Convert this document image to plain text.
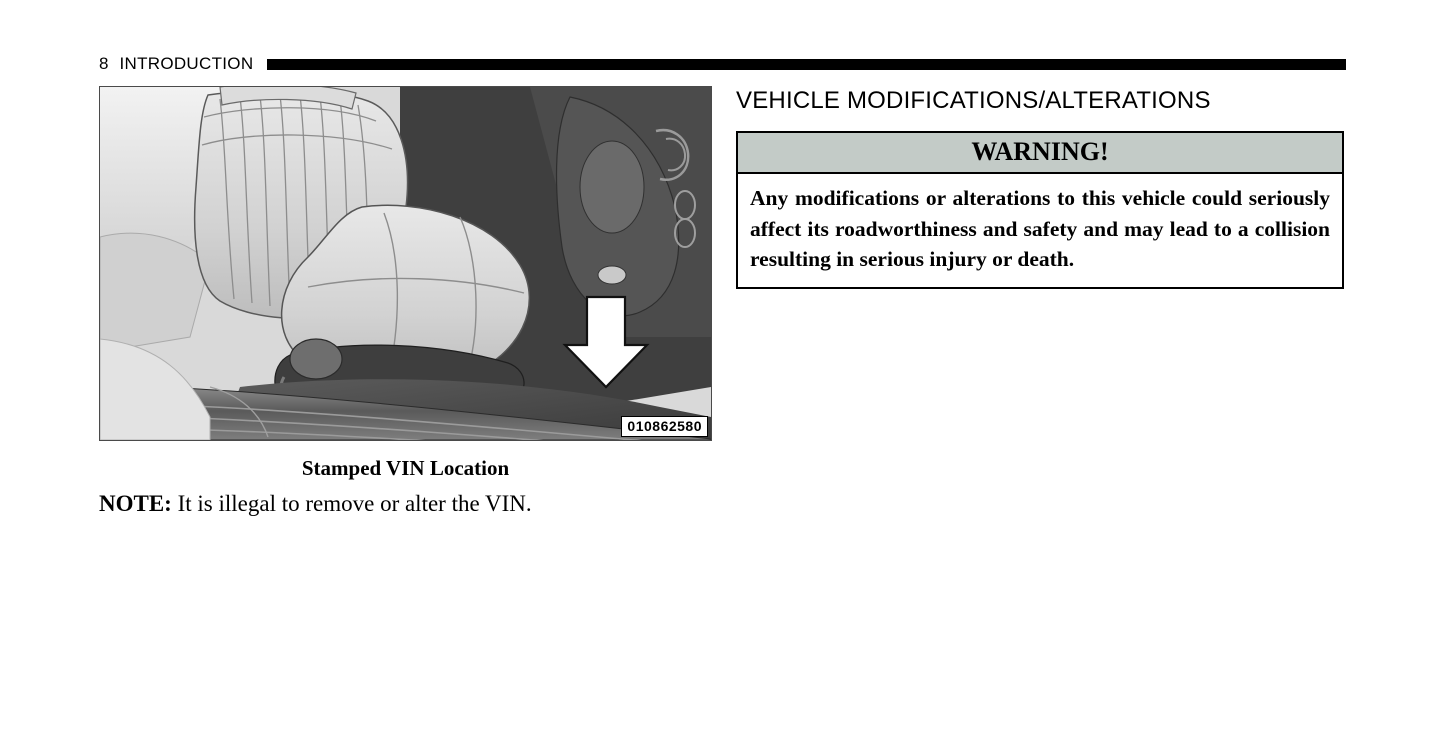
8 INTRODUCTION
010862580
Stamped VIN Location
NOTE: It is illegal to remove or alter the VIN.
VEHICLE MODIFICATIONS/ALTERATIONS
WARNING!
Any modifications or alterations to this vehicle could seriously affect its roadworthiness and safety and may lead to a collision resulting in serious injury or death.
